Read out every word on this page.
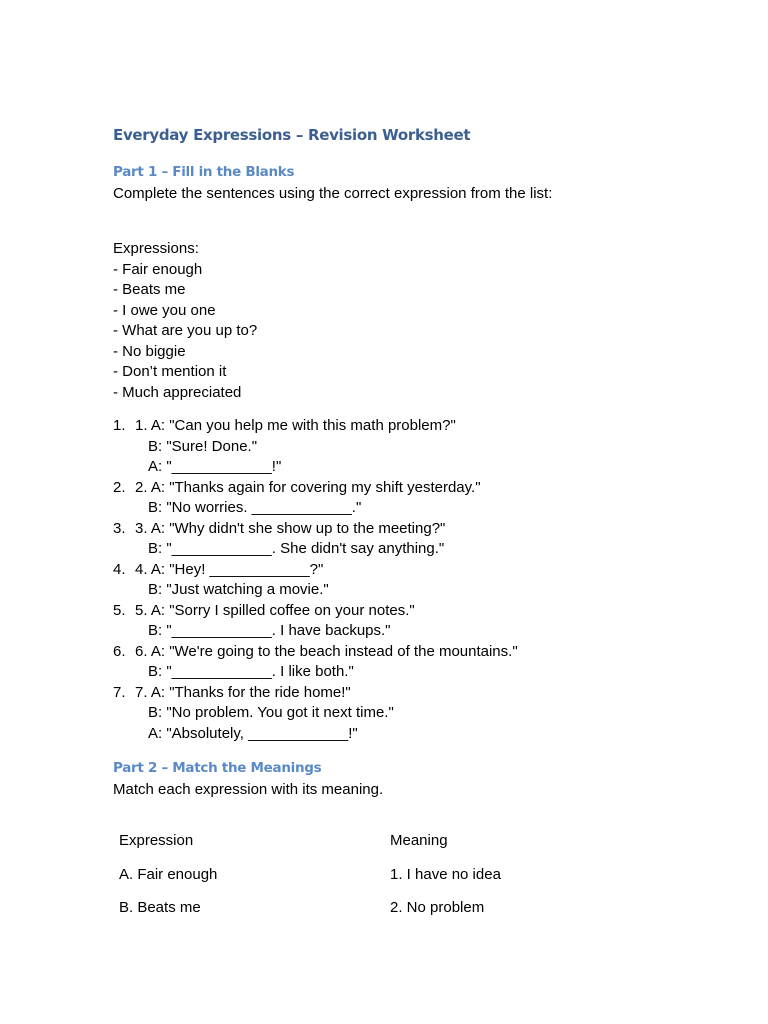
Everyday Expressions – Revision Worksheet
Part 1 – Fill in the Blanks
Complete the sentences using the correct expression from the list:
Expressions:
- Fair enough
- Beats me
- I owe you one
- What are you up to?
- No biggie
- Don’t mention it
- Much appreciated
1. 1. A: "Can you help me with this math problem?"
B: "Sure! Done."
A: "____________!"
2. 2. A: "Thanks again for covering my shift yesterday."
B: "No worries. ____________."
3. 3. A: "Why didn't she show up to the meeting?"
B: "____________. She didn't say anything."
4. 4. A: "Hey! ____________?"
B: "Just watching a movie."
5. 5. A: "Sorry I spilled coffee on your notes."
B: "____________. I have backups."
6. 6. A: "We're going to the beach instead of the mountains."
B: "____________. I like both."
7. 7. A: "Thanks for the ride home!"
B: "No problem. You got it next time."
A: "Absolutely, ____________!"
Part 2 – Match the Meanings
Match each expression with its meaning.
Expression	Meaning
A. Fair enough	1. I have no idea
B. Beats me	2. No problem
